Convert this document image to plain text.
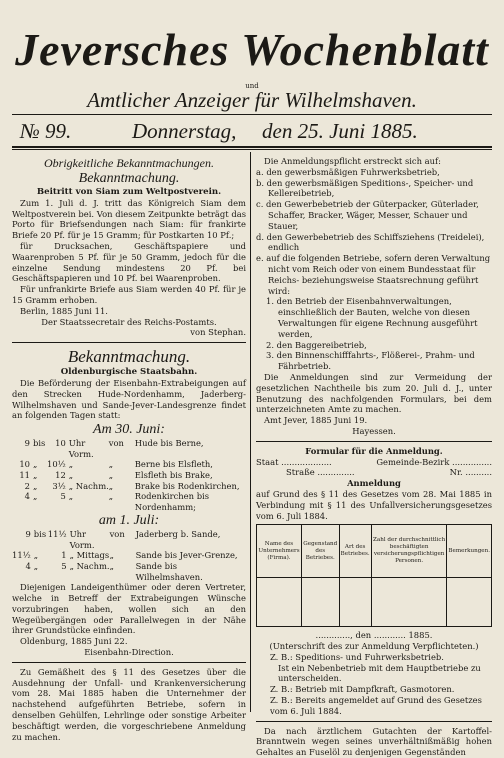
Jeversches Wochenblatt
und
Amtlicher Anzeiger für Wilhelmshaven.
№ 99.	Donnerstag, den 25. Juni 1885.
Obrigkeitliche Bekanntmachungen.
Bekanntmachung.
Beitritt von Siam zum Weltpostverein.

Zum 1. Juli d. J. tritt das Königreich Siam dem Weltpostverein bei. Von diesem Zeitpunkte beträgt das Porto für Briefsendungen nach Siam: für frankirte Briefe 20 Pf. für je 15 Gramm; für Postkarten 10 Pf.;

für Drucksachen, Geschäftspapiere und Waarenproben 5 Pf. für je 50 Gramm, jedoch für die einzelne Sendung mindestens 20 Pf. bei Geschäftspapieren und 10 Pf. bei Waarenproben.

Für unfrankirte Briefe aus Siam werden 40 Pf. für je 15 Gramm erhoben.

Berlin, 1885 Juni 11.
Der Staatssecretair des Reichs-Postamts.
von Stephan.
Bekanntmachung.
Oldenburgische Staatsbahn.

Die Beförderung der Eisenbahn-Extrabeigungen auf den Strecken Hude-Nordenhamm, Jaderberg-Wilhelmshaven und Sande-Jever-Landesgrenze findet an folgenden Tagen statt:

Am 30. Juni:
9	bis	10	Uhr Vorm.	von	Hude bis Berne,
10	„	10½	„	„	Berne bis Elsfleth,
11	„	12	„	„	Elsfleth bis Brake,
2	„	3½	„ Nachm.	„	Brake bis Rodenkirchen,
4	„	5	„	„	Rodenkirchen bis Nordenhamm;
am 1. Juli:
9	bis	11½	Uhr Vorm.	von	Jaderberg b. Sande,
11½	„	1	„ Mittags	„	Sande bis Jever-Grenze,
4	„	5	„ Nachm.	„	Sande bis Wilhelmshaven.

Diejenigen Landeigenthümer oder deren Vertreter, welche in Betreff der Extrabeigungen Wünsche vorzubringen haben, wollen sich an den Wegeübergängen oder Parallelwegen in der Nähe ihrer Grundstücke einfinden.

Oldenburg, 1885 Juni 22.
Eisenbahn-Direction.

Zu Gemäßheit des § 11 des Gesetzes über die Ausdehnung der Unfall- und Krankenversicherung vom 28. Mai 1885 haben die Unternehmer der nachstehend aufgeführten Betriebe, sofern in denselben Gehülfen, Lehrlinge oder sonstige Arbeiter beschäftigt werden, die vorgeschriebene Anmeldung zu machen.

Die Anmeldungspflicht erstreckt sich auf:
a. den gewerbsmäßigen Fuhrwerksbetrieb,
b. den gewerbsmäßigen Speditions-, Speicher- und Kellereibetrieb,
c. den Gewerbebetrieb der Güterpacker, Güterlader, Schaffer, Bracker, Wäger, Messer, Schauer und Stauer,
d. den Gewerbebetrieb des Schiffsziehens (Treidelei), endlich
e. auf die folgenden Betriebe, sofern deren Verwaltung nicht vom Reich oder von einem Bundesstaat für Reichs- beziehungsweise Staatsrechnung geführt wird:
1. den Betrieb der Eisenbahnverwaltungen, einschließlich der Bauten, welche von diesen Verwaltungen für eigene Rechnung ausgeführt werden,
2. den Baggereibetrieb,
3. den Binnenschifffahrts-, Flößerei-, Prahm- und Fährbetrieb.

Die Anmeldungen sind zur Vermeidung der gesetzlichen Nachtheile bis zum 20. Juli d. J., unter Benutzung des nachfolgenden Formulars, bei dem unterzeichneten Amte zu machen.

Amt Jever, 1885 Juni 19.
Hayessen.
Formular für die Anmeldung.
Staat ...................	Gemeinde-Bezirk ...............
Straße ..............	Nr. ..........
Anmeldung

auf Grund des § 11 des Gesetzes vom 28. Mai 1885 in Verbindung mit § 11 des Unfallversicherungsgesetzes vom 6. Juli 1884.

Name des Unternehmers (Firma).	Gegenstand des Betriebes.	Art des Betriebes.	Zahl der durchschnittlich beschäftigten versicherungspflichtigen Personen.	Bemerkungen.

............., den ............ 1885.
(Unterschrift des zur Anmeldung Verpflichteten.)
Z. B.: Speditions- und Fuhrwerksbetrieb.
Ist ein Nebenbetrieb mit dem Hauptbetriebe zu unterscheiden.
Z. B.: Betrieb mit Dampfkraft, Gasmotoren.
Z. B.: Bereits angemeldet auf Grund des Gesetzes vom 6. Juli 1884.

Da nach ärztlichem Gutachten der Kartoffel-Branntwein wegen seines unverhältnißmäßig hohen Gehaltes an Fuselöl zu denjenigen Gegenständen
